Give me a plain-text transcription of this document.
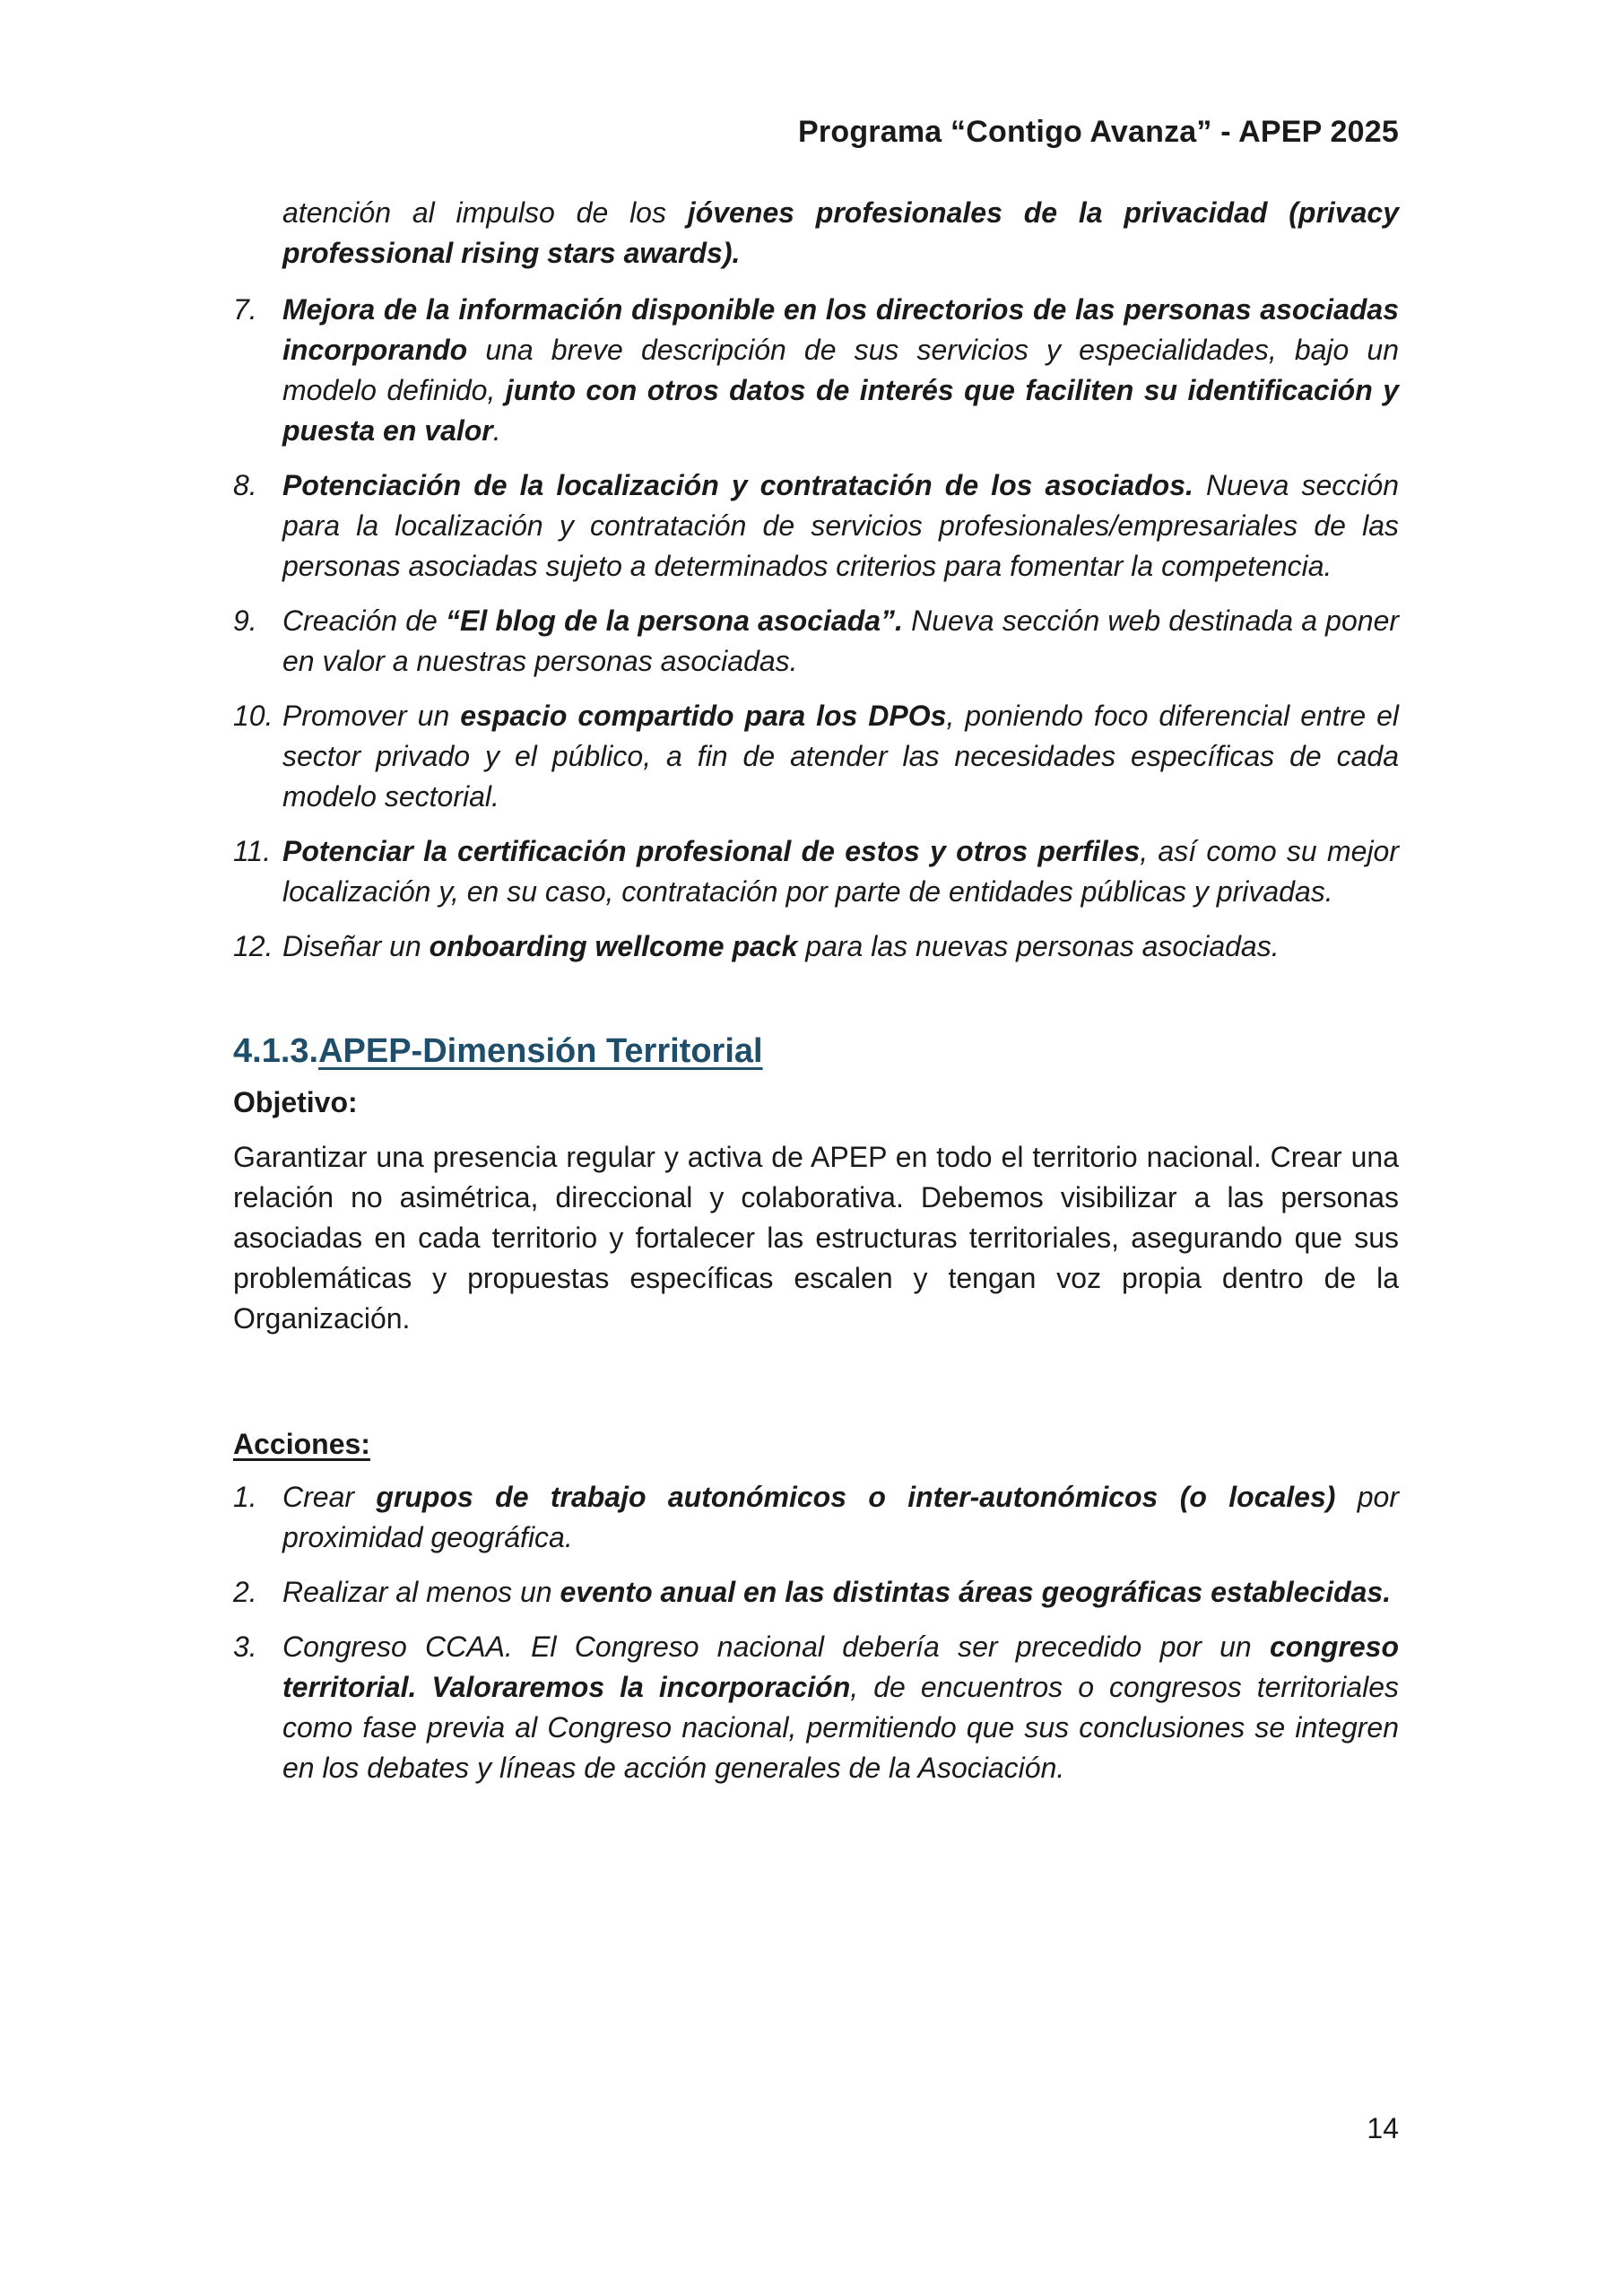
Programa “Contigo Avanza” - APEP 2025
atención al impulso de los jóvenes profesionales de la privacidad (privacy professional rising stars awards).
7. Mejora de la información disponible en los directorios de las personas asociadas incorporando una breve descripción de sus servicios y especialidades, bajo un modelo definido, junto con otros datos de interés que faciliten su identificación y puesta en valor.
8. Potenciación de la localización y contratación de los asociados. Nueva sección para la localización y contratación de servicios profesionales/empresariales de las personas asociadas sujeto a determinados criterios para fomentar la competencia.
9. Creación de “El blog de la persona asociada”. Nueva sección web destinada a poner en valor a nuestras personas asociadas.
10. Promover un espacio compartido para los DPOs, poniendo foco diferencial entre el sector privado y el público, a fin de atender las necesidades específicas de cada modelo sectorial.
11. Potenciar la certificación profesional de estos y otros perfiles, así como su mejor localización y, en su caso, contratación por parte de entidades públicas y privadas.
12. Diseñar un onboarding wellcome pack para las nuevas personas asociadas.
4.1.3.APEP-Dimensión Territorial
Objetivo:
Garantizar una presencia regular y activa de APEP en todo el territorio nacional. Crear una relación no asimétrica, direccional y colaborativa. Debemos visibilizar a las personas asociadas en cada territorio y fortalecer las estructuras territoriales, asegurando que sus problemáticas y propuestas específicas escalen y tengan voz propia dentro de la Organización.
Acciones:
1. Crear grupos de trabajo autonómicos o inter-autonómicos (o locales) por proximidad geográfica.
2. Realizar al menos un evento anual en las distintas áreas geográficas establecidas.
3. Congreso CCAA. El Congreso nacional debería ser precedido por un congreso territorial. Valoraremos la incorporación, de encuentros o congresos territoriales como fase previa al Congreso nacional, permitiendo que sus conclusiones se integren en los debates y líneas de acción generales de la Asociación.
14
